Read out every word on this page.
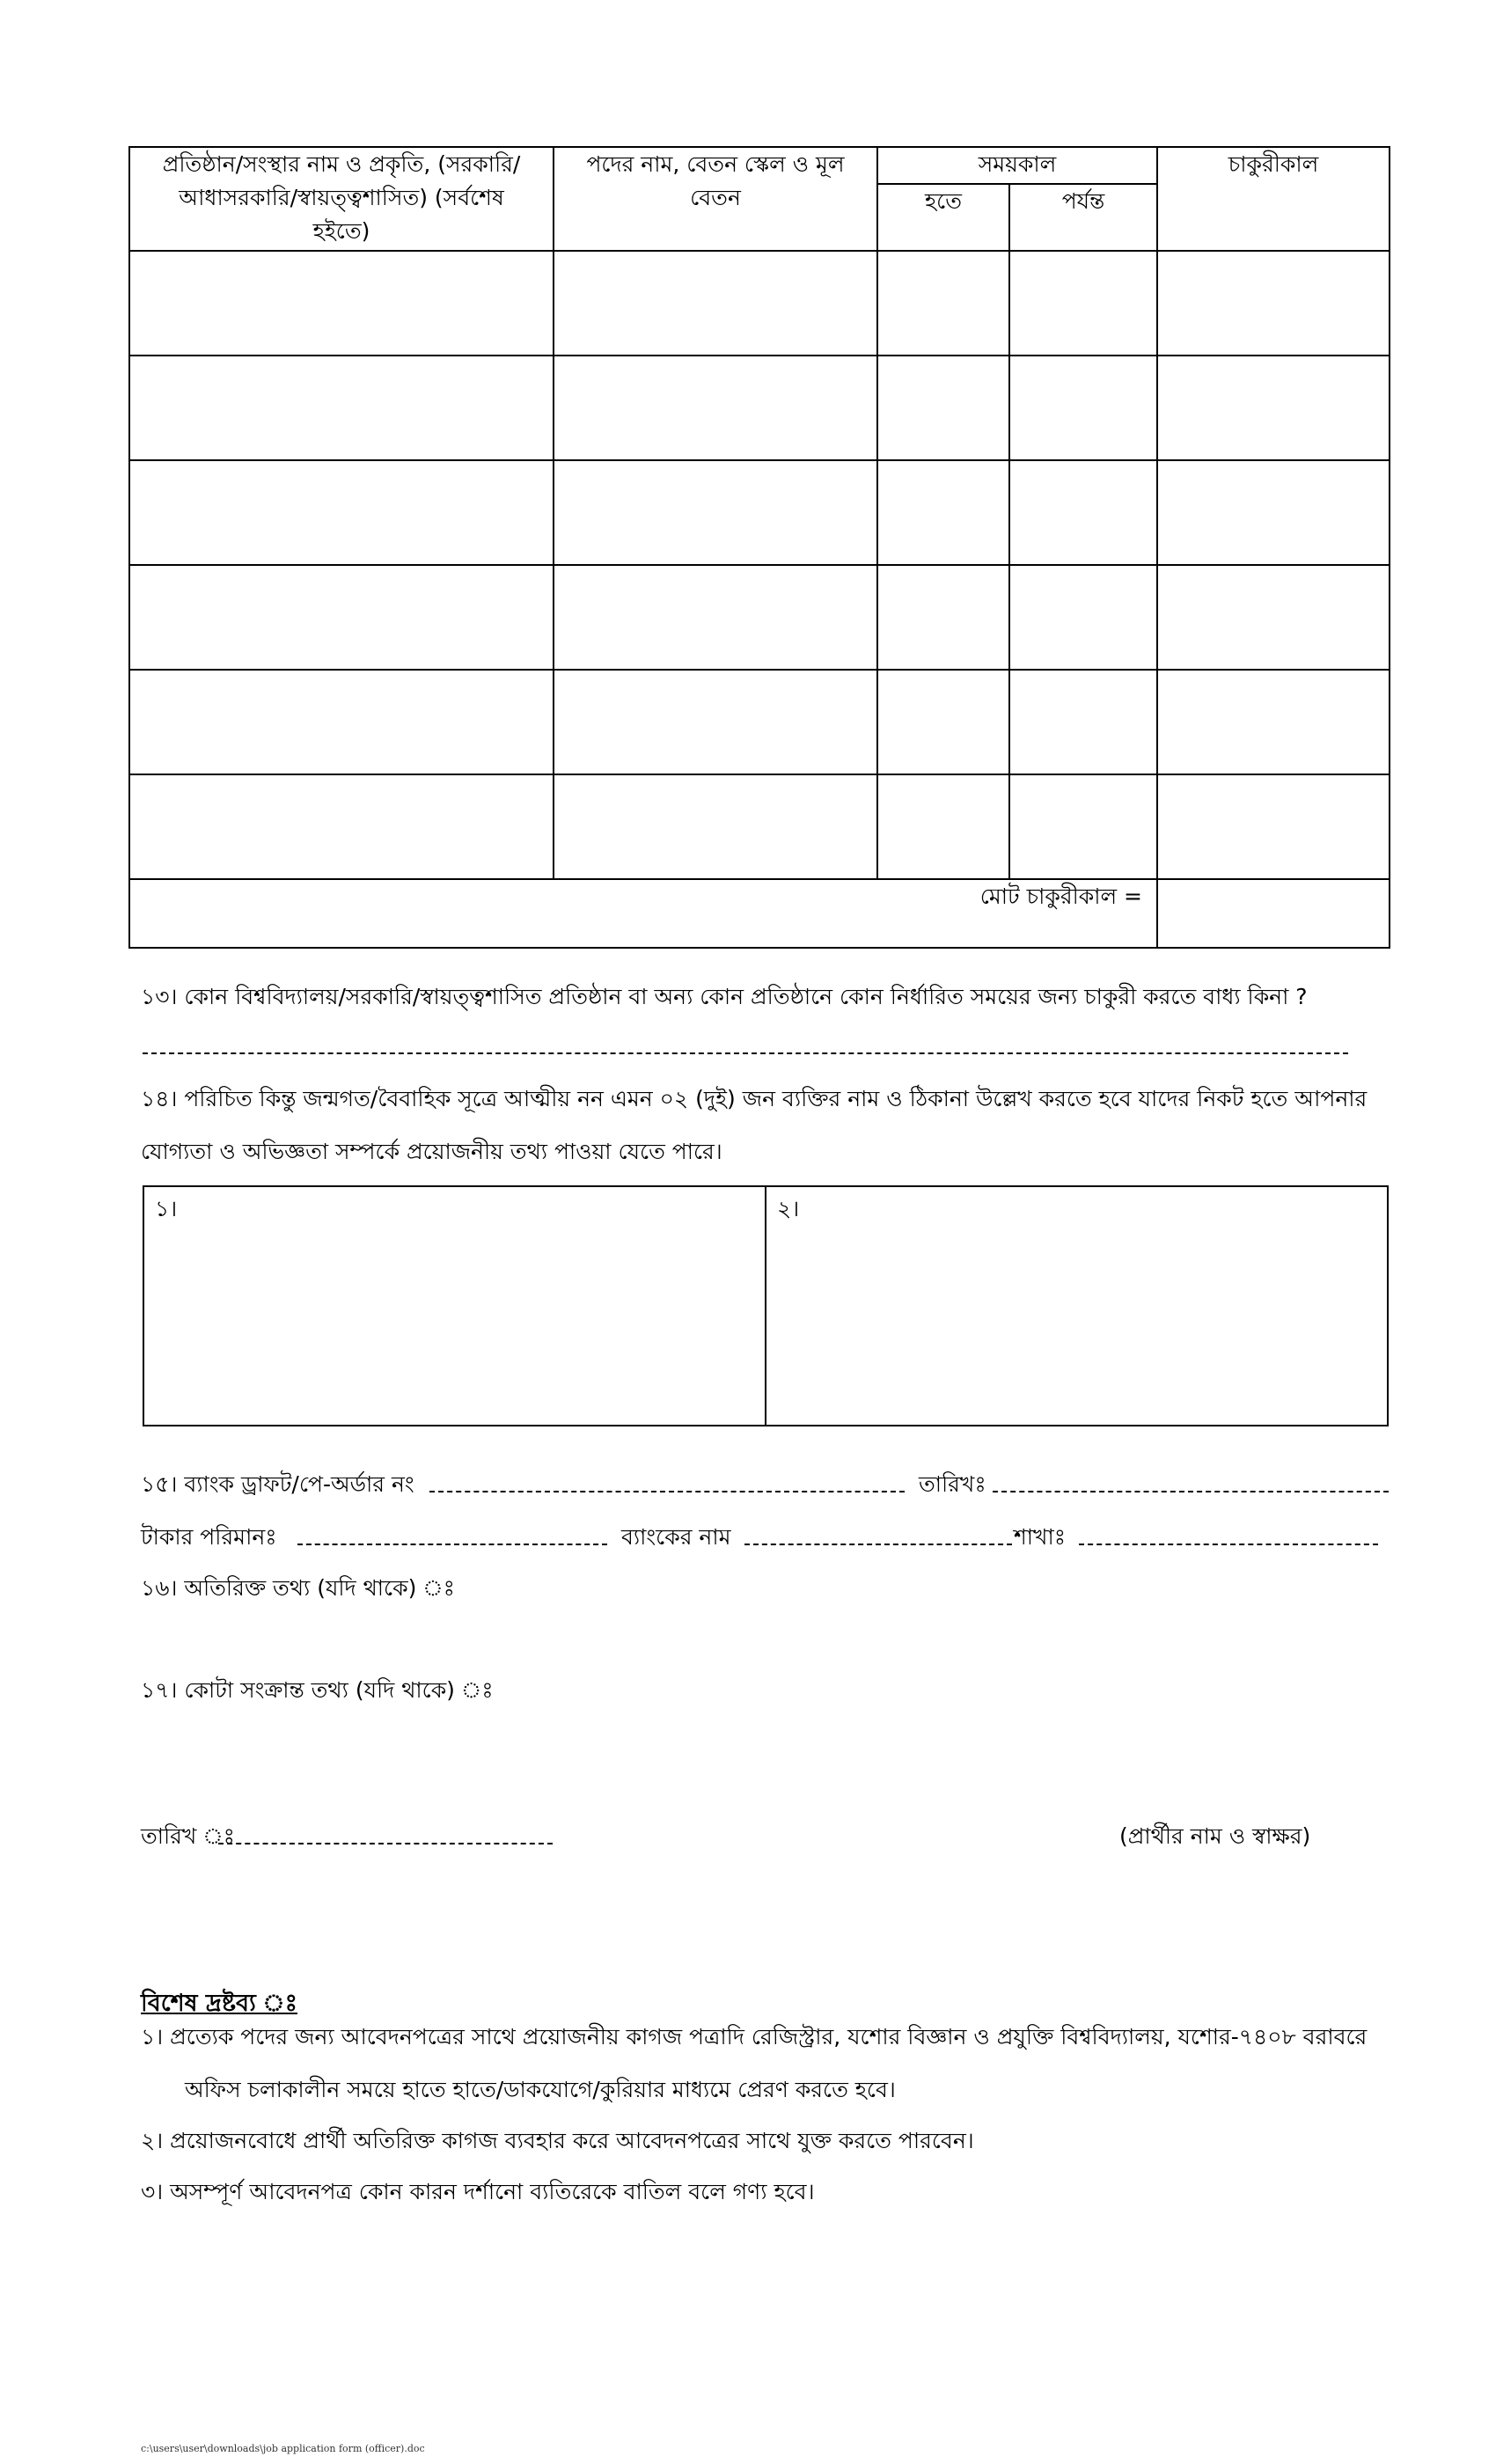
প্রতিষ্ঠান/সংস্থার নাম ও প্রকৃতি, (সরকারি/ আধাসরকারি/স্বায়ত্ত্বশাসিত) (সর্বশেষ হইতে)	পদের নাম, বেতন স্কেল ও মূল বেতন	সময়কাল		চাকুরীকাল
		হতে	পর্যন্ত	

মোট চাকুরীকাল =				
১৩। কোন বিশ্ববিদ্যালয়/সরকারি/স্বায়ত্ত্বশাসিত প্রতিষ্ঠান বা অন্য কোন প্রতিষ্ঠানে কোন নির্ধারিত সময়ের জন্য চাকুরী করতে বাধ্য কিনা ?
১৪। পরিচিত কিন্তু জন্মগত/বৈবাহিক সূত্রে আত্মীয় নন এমন ০২ (দুই) জন ব্যক্তির নাম ও ঠিকানা উল্লেখ করতে হবে যাদের নিকট হতে আপনার
যোগ্যতা ও অভিজ্ঞতা সম্পর্কে প্রয়োজনীয় তথ্য পাওয়া যেতে পারে।
১।	২।
১৫। ব্যাংক ড্রাফট/পে-অর্ডার নং	তারিখঃ
টাকার পরিমানঃ	ব্যাংকের নাম	শাখাঃ
১৬। অতিরিক্ত তথ্য (যদি থাকে) ঃ
১৭। কোটা সংক্রান্ত তথ্য (যদি থাকে) ঃ
তারিখ ঃ	(প্রার্থীর নাম ও স্বাক্ষর)
বিশেষ দ্রষ্টব্য ঃ
১। প্রত্যেক পদের জন্য আবেদনপত্রের সাথে প্রয়োজনীয় কাগজ পত্রাদি রেজিস্ট্রার, যশোর বিজ্ঞান ও প্রযুক্তি বিশ্ববিদ্যালয়, যশোর-৭৪০৮ বরাবরে
অফিস চলাকালীন সময়ে হাতে হাতে/ডাকযোগে/কুরিয়ার মাধ্যমে প্রেরণ করতে হবে।
২। প্রয়োজনবোধে প্রার্থী অতিরিক্ত কাগজ ব্যবহার করে আবেদনপত্রের সাথে যুক্ত করতে পারবেন।
৩। অসম্পূর্ণ আবেদনপত্র কোন কারন দর্শানো ব্যতিরেকে বাতিল বলে গণ্য হবে।
c:\users\user\downloads\job application form (officer).doc
